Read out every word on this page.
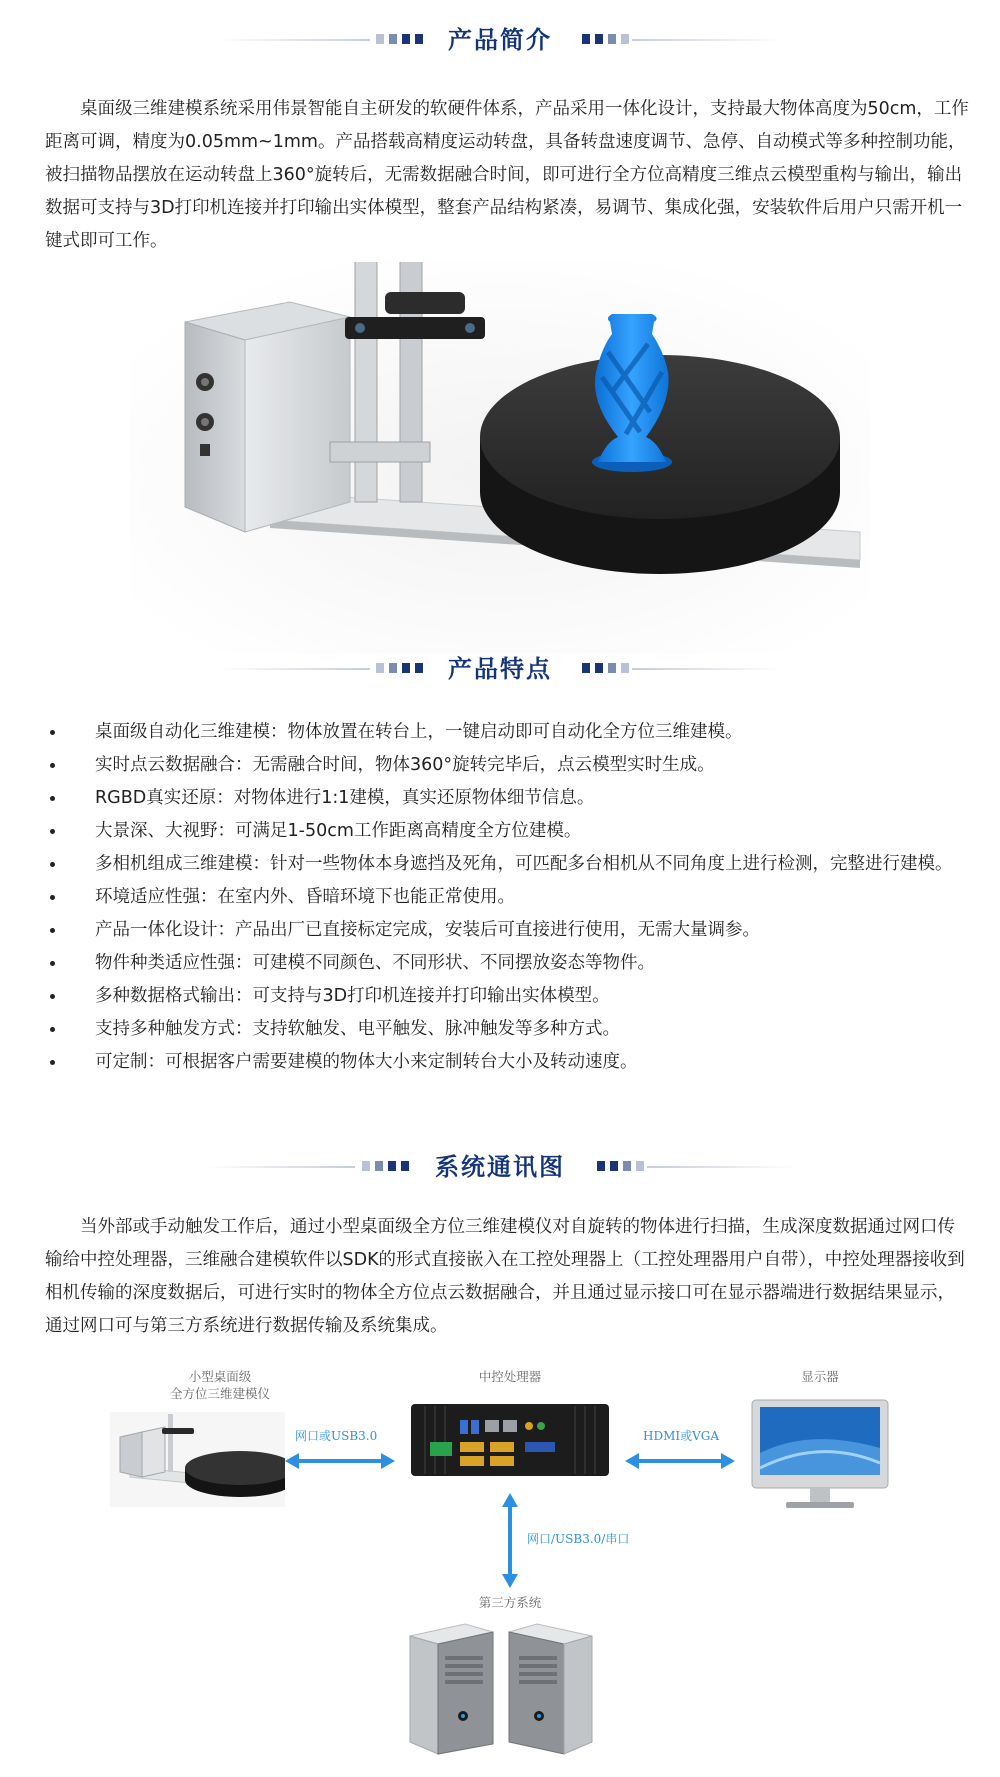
产品简介

桌面级三维建模系统采用伟景智能自主研发的软硬件体系，产品采用一体化设计，支持最大物体高度为50cm，工作距离可调，精度为0.05mm~1mm。产品搭载高精度运动转盘，具备转盘速度调节、急停、自动模式等多种控制功能，被扫描物品摆放在运动转盘上360°旋转后，无需数据融合时间，即可进行全方位高精度三维点云模型重构与输出，输出数据可支持与3D打印机连接并打印输出实体模型，整套产品结构紧凑，易调节、集成化强，安装软件后用户只需开机一键式即可工作。

产品特点
桌面级自动化三维建模：物体放置在转台上，一键启动即可自动化全方位三维建模。
实时点云数据融合：无需融合时间，物体360°旋转完毕后，点云模型实时生成。
RGBD真实还原：对物体进行1:1建模，真实还原物体细节信息。
大景深、大视野：可满足1-50cm工作距离高精度全方位建模。
多相机组成三维建模：针对一些物体本身遮挡及死角，可匹配多台相机从不同角度上进行检测，完整进行建模。
环境适应性强：在室内外、昏暗环境下也能正常使用。
产品一体化设计：产品出厂已直接标定完成，安装后可直接进行使用，无需大量调参。
物件种类适应性强：可建模不同颜色、不同形状、不同摆放姿态等物件。
多种数据格式输出：可支持与3D打印机连接并打印输出实体模型。
支持多种触发方式：支持软触发、电平触发、脉冲触发等多种方式。
可定制：可根据客户需要建模的物体大小来定制转台大小及转动速度。
系统通讯图

当外部或手动触发工作后，通过小型桌面级全方位三维建模仪对自旋转的物体进行扫描，生成深度数据通过网口传输给中控处理器，三维融合建模软件以SDK的形式直接嵌入在工控处理器上（工控处理器用户自带），中控处理器接收到相机传输的深度数据后，可进行实时的物体全方位点云数据融合，并且通过显示接口可在显示器端进行数据结果显示，通过网口可与第三方系统进行数据传输及系统集成。

小型桌面级
全方位三维建模仪
中控处理器	显示器
第三方系统
网口或USB3.0	HDMI或VGA
网口/USB3.0/串口
